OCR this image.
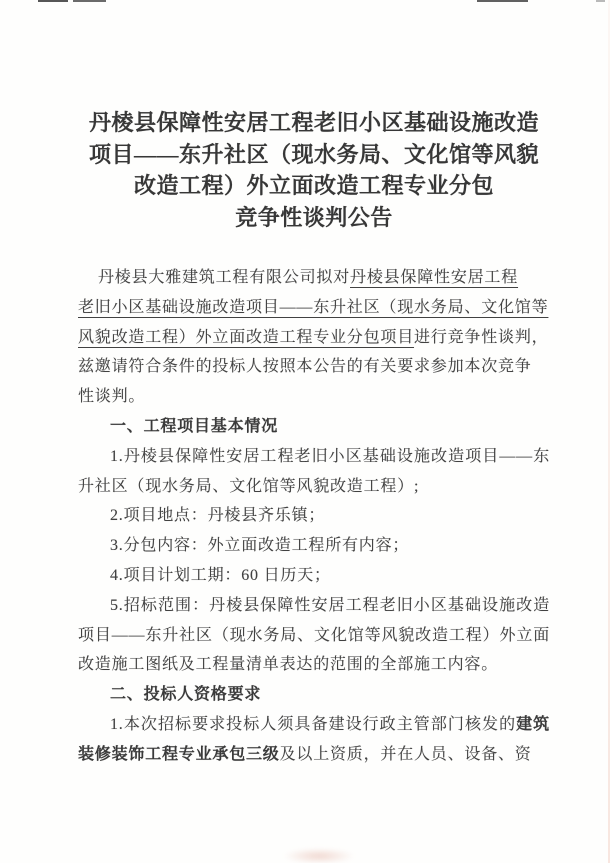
丹棱县保障性安居工程老旧小区基础设施改造
项目——东升社区（现水务局、文化馆等风貌
改造工程）外立面改造工程专业分包
竞争性谈判公告
丹棱县大雅建筑工程有限公司拟对丹棱县保障性安居工程
老旧小区基础设施改造项目——东升社区（现水务局、文化馆等
风貌改造工程）外立面改造工程专业分包项目进行竞争性谈判，
兹邀请符合条件的投标人按照本公告的有关要求参加本次竞争
性谈判。

一、工程项目基本情况

1.丹棱县保障性安居工程老旧小区基础设施改造项目——东升社区（现水务局、文化馆等风貌改造工程）;

2.项目地点：丹棱县齐乐镇；

3.分包内容：外立面改造工程所有内容；

4.项目计划工期：60 日历天；

5.招标范围：丹棱县保障性安居工程老旧小区基础设施改造项目——东升社区（现水务局、文化馆等风貌改造工程）外立面改造施工图纸及工程量清单表达的范围的全部施工内容。

二、投标人资格要求

1.本次招标要求投标人须具备建设行政主管部门核发的建筑装修装饰工程专业承包三级及以上资质，并在人员、设备、资
